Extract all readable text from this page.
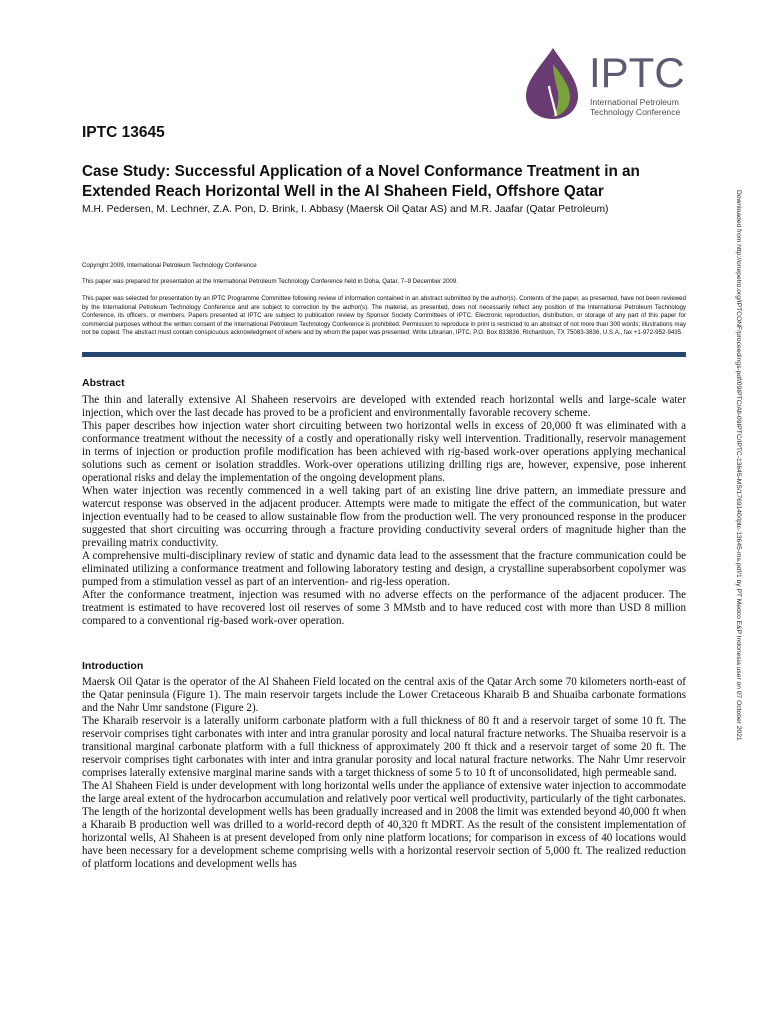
IPTC
International Petroleum
Technology Conference
IPTC 13645
Case Study: Successful Application of a Novel Conformance Treatment in an Extended Reach Horizontal Well in the Al Shaheen Field, Offshore Qatar

M.H. Pedersen, M. Lechner, Z.A. Pon, D. Brink, I. Abbasy (Maersk Oil Qatar AS) and M.R. Jaafar (Qatar Petroleum)

Copyright 2009, International Petroleum Technology Conference

This paper was prepared for presentation at the International Petroleum Technology Conference held in Doha, Qatar, 7–9 December 2009.

This paper was selected for presentation by an IPTC Programme Committee following review of information contained in an abstract submitted by the author(s). Contents of the paper, as presented, have not been reviewed by the International Petroleum Technology Conference and are subject to correction by the author(s). The material, as presented, does not necessarily reflect any position of the International Petroleum Technology Conference, its officers, or members. Papers presented at IPTC are subject to publication review by Sponsor Society Committees of IPTC. Electronic reproduction, distribution, or storage of any part of this paper for commercial purposes without the written consent of the International Petroleum Technology Conference is prohibited. Permission to reproduce in print is restricted to an abstract of not more than 300 words; illustrations may not be copied. The abstract must contain conspicuous acknowledgment of where and by whom the paper was presented. Write Librarian, IPTC, P.O. Box 833836, Richardson, TX 75083-3836, U.S.A., fax +1-972-952-9435.

Abstract

The thin and laterally extensive Al Shaheen reservoirs are developed with extended reach horizontal wells and large-scale water injection, which over the last decade has proved to be a proficient and environmentally favorable recovery scheme.

This paper describes how injection water short circuiting between two horizontal wells in excess of 20,000 ft was eliminated with a conformance treatment without the necessity of a costly and operationally risky well intervention. Traditionally, reservoir management in terms of injection or production profile modification has been achieved with rig-based work-over operations applying mechanical solutions such as cement or isolation straddles. Work-over operations utilizing drilling rigs are, however, expensive, pose inherent operational risks and delay the implementation of the ongoing development plans.

When water injection was recently commenced in a well taking part of an existing line drive pattern, an immediate pressure and watercut response was observed in the adjacent producer. Attempts were made to mitigate the effect of the communication, but water injection eventually had to be ceased to allow sustainable flow from the production well. The very pronounced response in the producer suggested that short circuiting was occurring through a fracture providing conductivity several orders of magnitude higher than the prevailing matrix conductivity.

A comprehensive multi-disciplinary review of static and dynamic data lead to the assessment that the fracture communication could be eliminated utilizing a conformance treatment and following laboratory testing and design, a crystalline superabsorbent copolymer was pumped from a stimulation vessel as part of an intervention- and rig-less operation.

After the conformance treatment, injection was resumed with no adverse effects on the performance of the adjacent producer. The treatment is estimated to have recovered lost oil reserves of some 3 MMstb and to have reduced cost with more than USD 8 million compared to a conventional rig-based work-over operation.

Introduction

Maersk Oil Qatar is the operator of the Al Shaheen Field located on the central axis of the Qatar Arch some 70 kilometers north-east of the Qatar peninsula (Figure 1). The main reservoir targets include the Lower Cretaceous Kharaib B and Shuaiba carbonate formations and the Nahr Umr sandstone (Figure 2).

The Kharaib reservoir is a laterally uniform carbonate platform with a full thickness of 80 ft and a reservoir target of some 10 ft. The reservoir comprises tight carbonates with inter and intra granular porosity and local natural fracture networks. The Shuaiba reservoir is a transitional marginal carbonate platform with a full thickness of approximately 200 ft thick and a reservoir target of some 20 ft. The reservoir comprises tight carbonates with inter and intra granular porosity and local natural fracture networks. The Nahr Umr reservoir comprises laterally extensive marginal marine sands with a target thickness of some 5 to 10 ft of unconsolidated, high permeable sand.

The Al Shaheen Field is under development with long horizontal wells under the appliance of extensive water injection to accommodate the large areal extent of the hydrocarbon accumulation and relatively poor vertical well productivity, particularly of the tight carbonates. The length of the horizontal development wells has been gradually increased and in 2008 the limit was extended beyond 40,000 ft when a Kharaib B production well was drilled to a world-record depth of 40,320 ft MDRT. As the result of the consistent implementation of horizontal wells, Al Shaheen is at present developed from only nine platform locations; for comparison in excess of 40 locations would have been necessary for a development scheme comprising wells with a horizontal reservoir section of 5,000 ft. The realized reduction of platform locations and development wells has

Downloaded from http://onepetro.org/IPTCONF/proceedings-pdf/09IPTC/All-09IPTC/IPTC-13645-MS/1769140/iptc-13645-ms.pdf/1 by PT Medco E&P Indonesia user on 07 October 2021
